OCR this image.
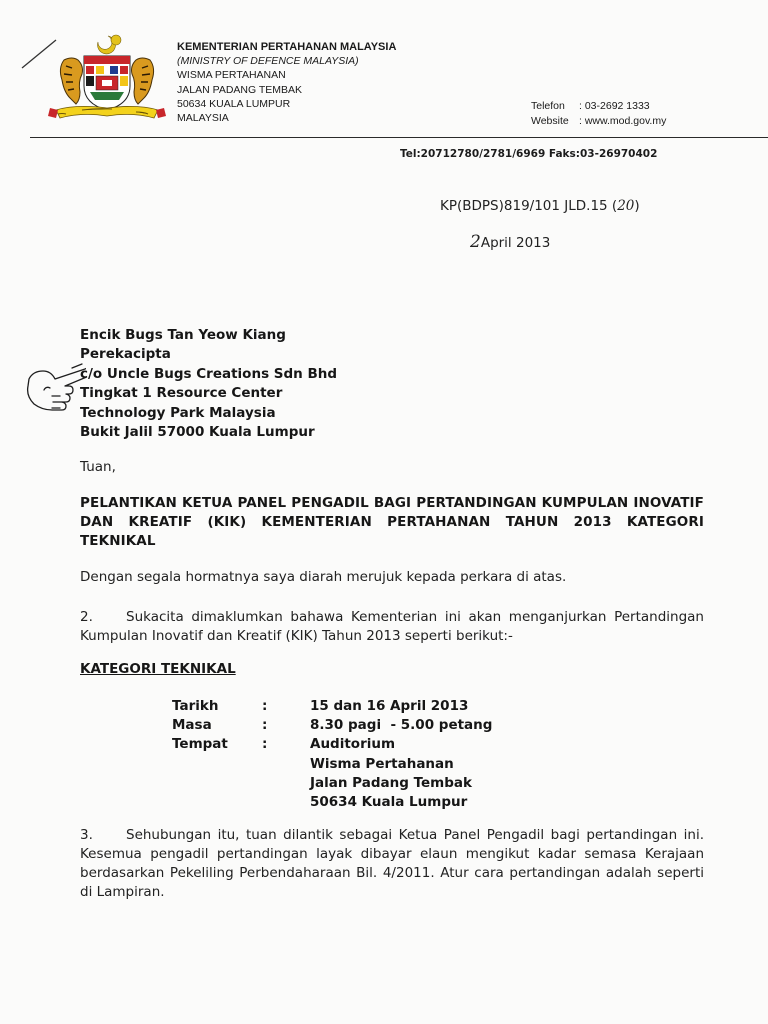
KEMENTERIAN PERTAHANAN MALAYSIA
(MINISTRY OF DEFENCE MALAYSIA)
WISMA PERTAHANAN
JALAN PADANG TEMBAK
50634 KUALA LUMPUR
MALAYSIA
Telefon : 03-2692 1333
Website : www.mod.gov.my
Tel:20712780/2781/6969 Faks:03-26970402
KP(BDPS)819/101 JLD.15 (20)
2April 2013
Encik Bugs Tan Yeow Kiang
Perekacipta
c/o Uncle Bugs Creations Sdn Bhd
Tingkat 1 Resource Center
Technology Park Malaysia
Bukit Jalil 57000 Kuala Lumpur
Tuan,
PELANTIKAN KETUA PANEL PENGADIL BAGI PERTANDINGAN KUMPULAN INOVATIF DAN KREATIF (KIK) KEMENTERIAN PERTAHANAN TAHUN 2013 KATEGORI TEKNIKAL
Dengan segala hormatnya saya diarah merujuk kepada perkara di atas.
2. Sukacita dimaklumkan bahawa Kementerian ini akan menganjurkan Pertandingan Kumpulan Inovatif dan Kreatif (KIK) Tahun 2013 seperti berikut:-
KATEGORI TEKNIKAL
Tarikh	:	15 dan 16 April 2013
Masa	:	8.30 pagi  - 5.00 petang
Tempat	:	Auditorium
Wisma Pertahanan
Jalan Padang Tembak
50634 Kuala Lumpur
3. Sehubungan itu, tuan dilantik sebagai Ketua Panel Pengadil bagi pertandingan ini. Kesemua pengadil pertandingan layak dibayar elaun mengikut kadar semasa Kerajaan berdasarkan Pekeliling Perbendaharaan Bil. 4/2011. Atur cara pertandingan adalah seperti di Lampiran.
